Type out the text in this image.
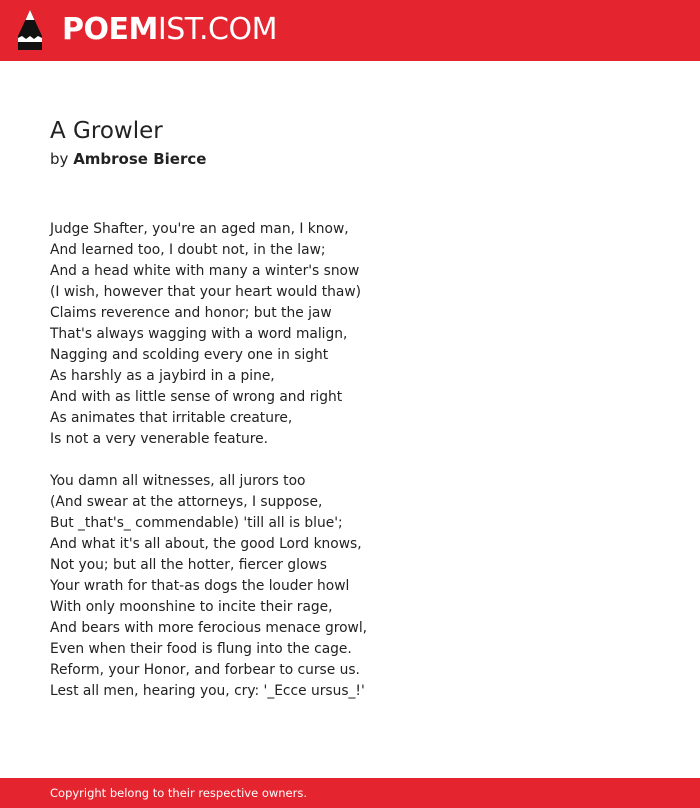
POEMIST.COM
A Growler
by Ambrose Bierce
Judge Shafter, you're an aged man, I know,
And learned too, I doubt not, in the law;
And a head white with many a winter's snow
(I wish, however that your heart would thaw)
Claims reverence and honor; but the jaw
That's always wagging with a word malign,
Nagging and scolding every one in sight
As harshly as a jaybird in a pine,
And with as little sense of wrong and right
As animates that irritable creature,
Is not a very venerable feature.
You damn all witnesses, all jurors too
(And swear at the attorneys, I suppose,
But _that's_ commendable) 'till all is blue';
And what it's all about, the good Lord knows,
Not you; but all the hotter, fiercer glows
Your wrath for that-as dogs the louder howl
With only moonshine to incite their rage,
And bears with more ferocious menace growl,
Even when their food is flung into the cage.
Reform, your Honor, and forbear to curse us.
Lest all men, hearing you, cry: '_Ecce ursus_!'
Copyright belong to their respective owners.
